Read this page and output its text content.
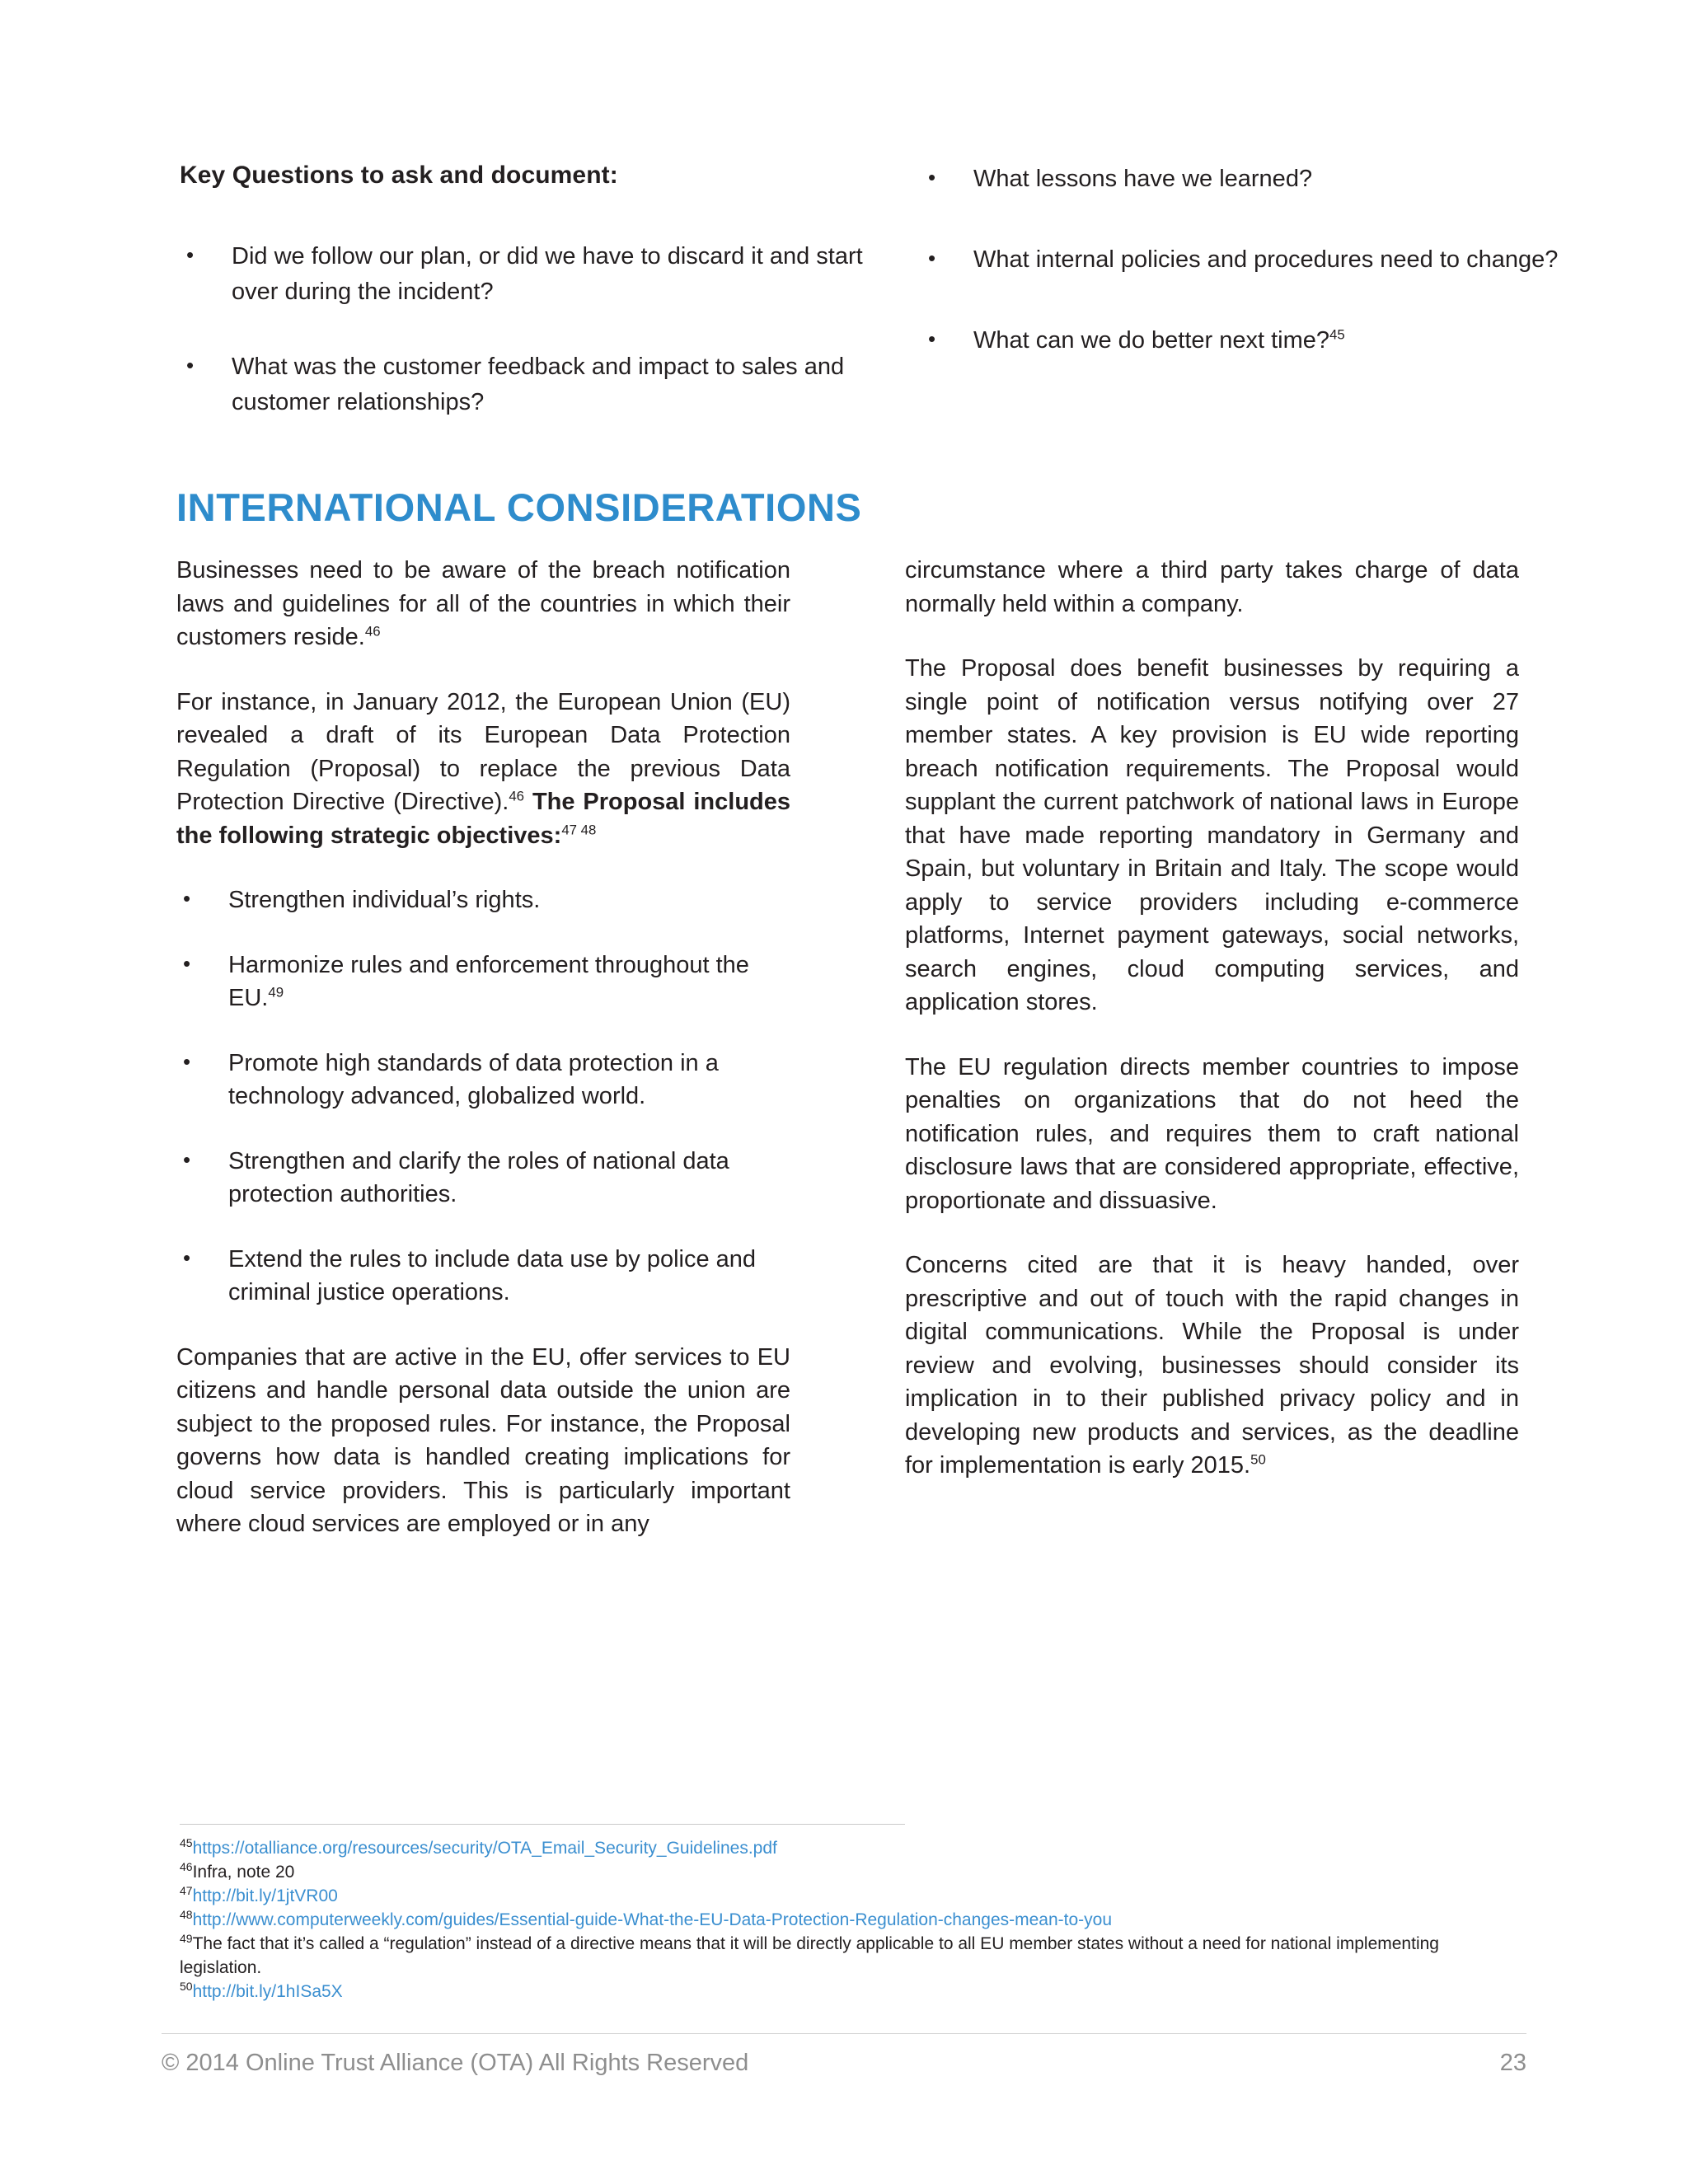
Key Questions to ask and document:
• Did we follow our plan, or did we have to discard it and start over during the incident?
• What was the customer feedback and impact to sales and customer relationships?
• What lessons have we learned?
• What internal policies and procedures need to change?
• What can we do better next time?$^{45}$
INTERNATIONAL CONSIDERATIONS

Businesses need to be aware of the breach notification laws and guidelines for all of the countries in which their customers reside.$^{46}$

For instance, in January 2012, the European Union (EU) revealed a draft of its European Data Protection Regulation (Proposal) to replace the previous Data Protection Directive (Directive).$^{46}$ The Proposal includes the following strategic objectives:$^{47 48}$

• Strengthen individual’s rights.
• Harmonize rules and enforcement throughout the EU.$^{49}$
• Promote high standards of data protection in a technology advanced, globalized world.
• Strengthen and clarify the roles of national data protection authorities.
• Extend the rules to include data use by police and criminal justice operations.

Companies that are active in the EU, offer services to EU citizens and handle personal data outside the union are subject to the proposed rules. For instance, the Proposal governs how data is handled creating implications for cloud service providers. This is particularly important where cloud services are employed or in any

circumstance where a third party takes charge of data normally held within a company.

The Proposal does benefit businesses by requiring a single point of notification versus notifying over 27 member states. A key provision is EU wide reporting breach notification requirements. The Proposal would supplant the current patchwork of national laws in Europe that have made reporting mandatory in Germany and Spain, but voluntary in Britain and Italy. The scope would apply to service providers including e-commerce platforms, Internet payment gateways, social networks, search engines, cloud computing services, and application stores.

The EU regulation directs member countries to impose penalties on organizations that do not heed the notification rules, and requires them to craft national disclosure laws that are considered appropriate, effective, proportionate and dissuasive.

Concerns cited are that it is heavy handed, over prescriptive and out of touch with the rapid changes in digital communications. While the Proposal is under review and evolving, businesses should consider its implication in to their published privacy policy and in developing new products and services, as the deadline for implementation is early 2015.50

$^{45}$https://otalliance.org/resources/security/OTA_Email_Security_Guidelines.pdf

$^{46}$Infra, note 20

$^{47}$http://bit.ly/1jtVR00

$^{48}$http://www.computerweekly.com/guides/Essential-guide-What-the-EU-Data-Protection-Regulation-changes-mean-to-you

$^{49}$The fact that it’s called a “regulation” instead of a directive means that it will be directly applicable to all EU member states without a need for national implementing legislation.

$^{50}$http://bit.ly/1hISa5X

© 2014 Online Trust Alliance (OTA) All Rights Reserved	23
